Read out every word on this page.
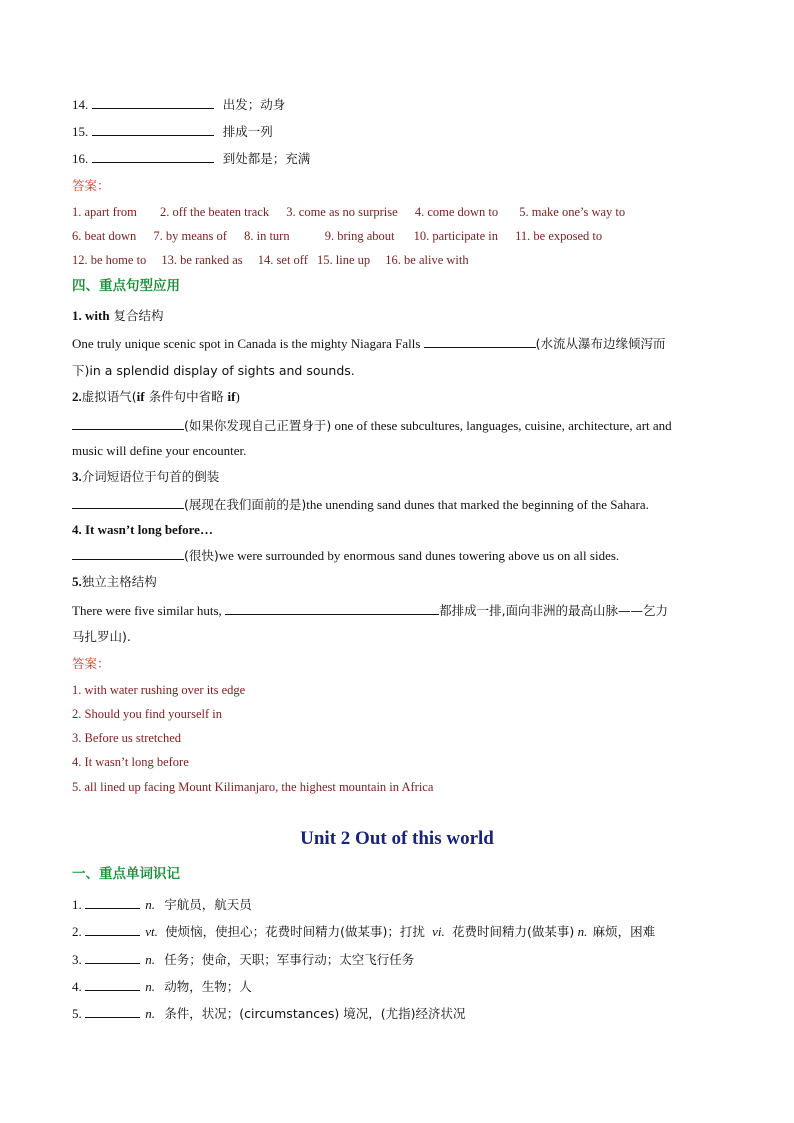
14.	出发；动身
15.	排成一列
16.	到处都是；充满
答案：
1. apart from 2. off the beaten track 3. come as no surprise 4. come down to 5. make one’s way to
6. beat down 7. by means of 8. in turn	9. bring about 10. participate in 11. be exposed to
12. be home to 13. be ranked as 14. set off 15. line up 16. be alive with
四、重点句型应用
1. with 复合结构
One truly unique scenic spot in Canada is the mighty Niagara Falls	(水流从瀑布边缘倾泻而
下)in a splendid display of sights and sounds.
2.虚拟语气(if 条件句中省略 if)
(如果你发现自己正置身于) one of these subcultures, languages, cuisine, architecture, art and
music will define your encounter.
3.介词短语位于句首的倒装
(展现在我们面前的是)the unending sand dunes that marked the beginning of the Sahara.
4. It wasn’t long before…
(很快)we were surrounded by enormous sand dunes towering above us on all sides.
5.独立主格结构
There were five similar huts,	都排成一排,面向非洲的最高山脉——乞力
马扎罗山).
答案：
1. with water rushing over its edge
2. Should you find yourself in
3. Before us stretched
4. It wasn’t long before
5. all lined up facing Mount Kilimanjaro, the highest mountain in Africa
Unit 2 Out of this world
一、重点单词识记
1.	n. 宇航员，航天员
2.	vt. 使烦恼，使担心；花费时间精力(做某事)；打扰 vi. 花费时间精力(做某事) n. 麻烦，困难
3.	n. 任务；使命，天职；军事行动；太空飞行任务
4.	n. 动物，生物；人
5.	n. 条件，状况；(circumstances) 境况，(尤指)经济状况
